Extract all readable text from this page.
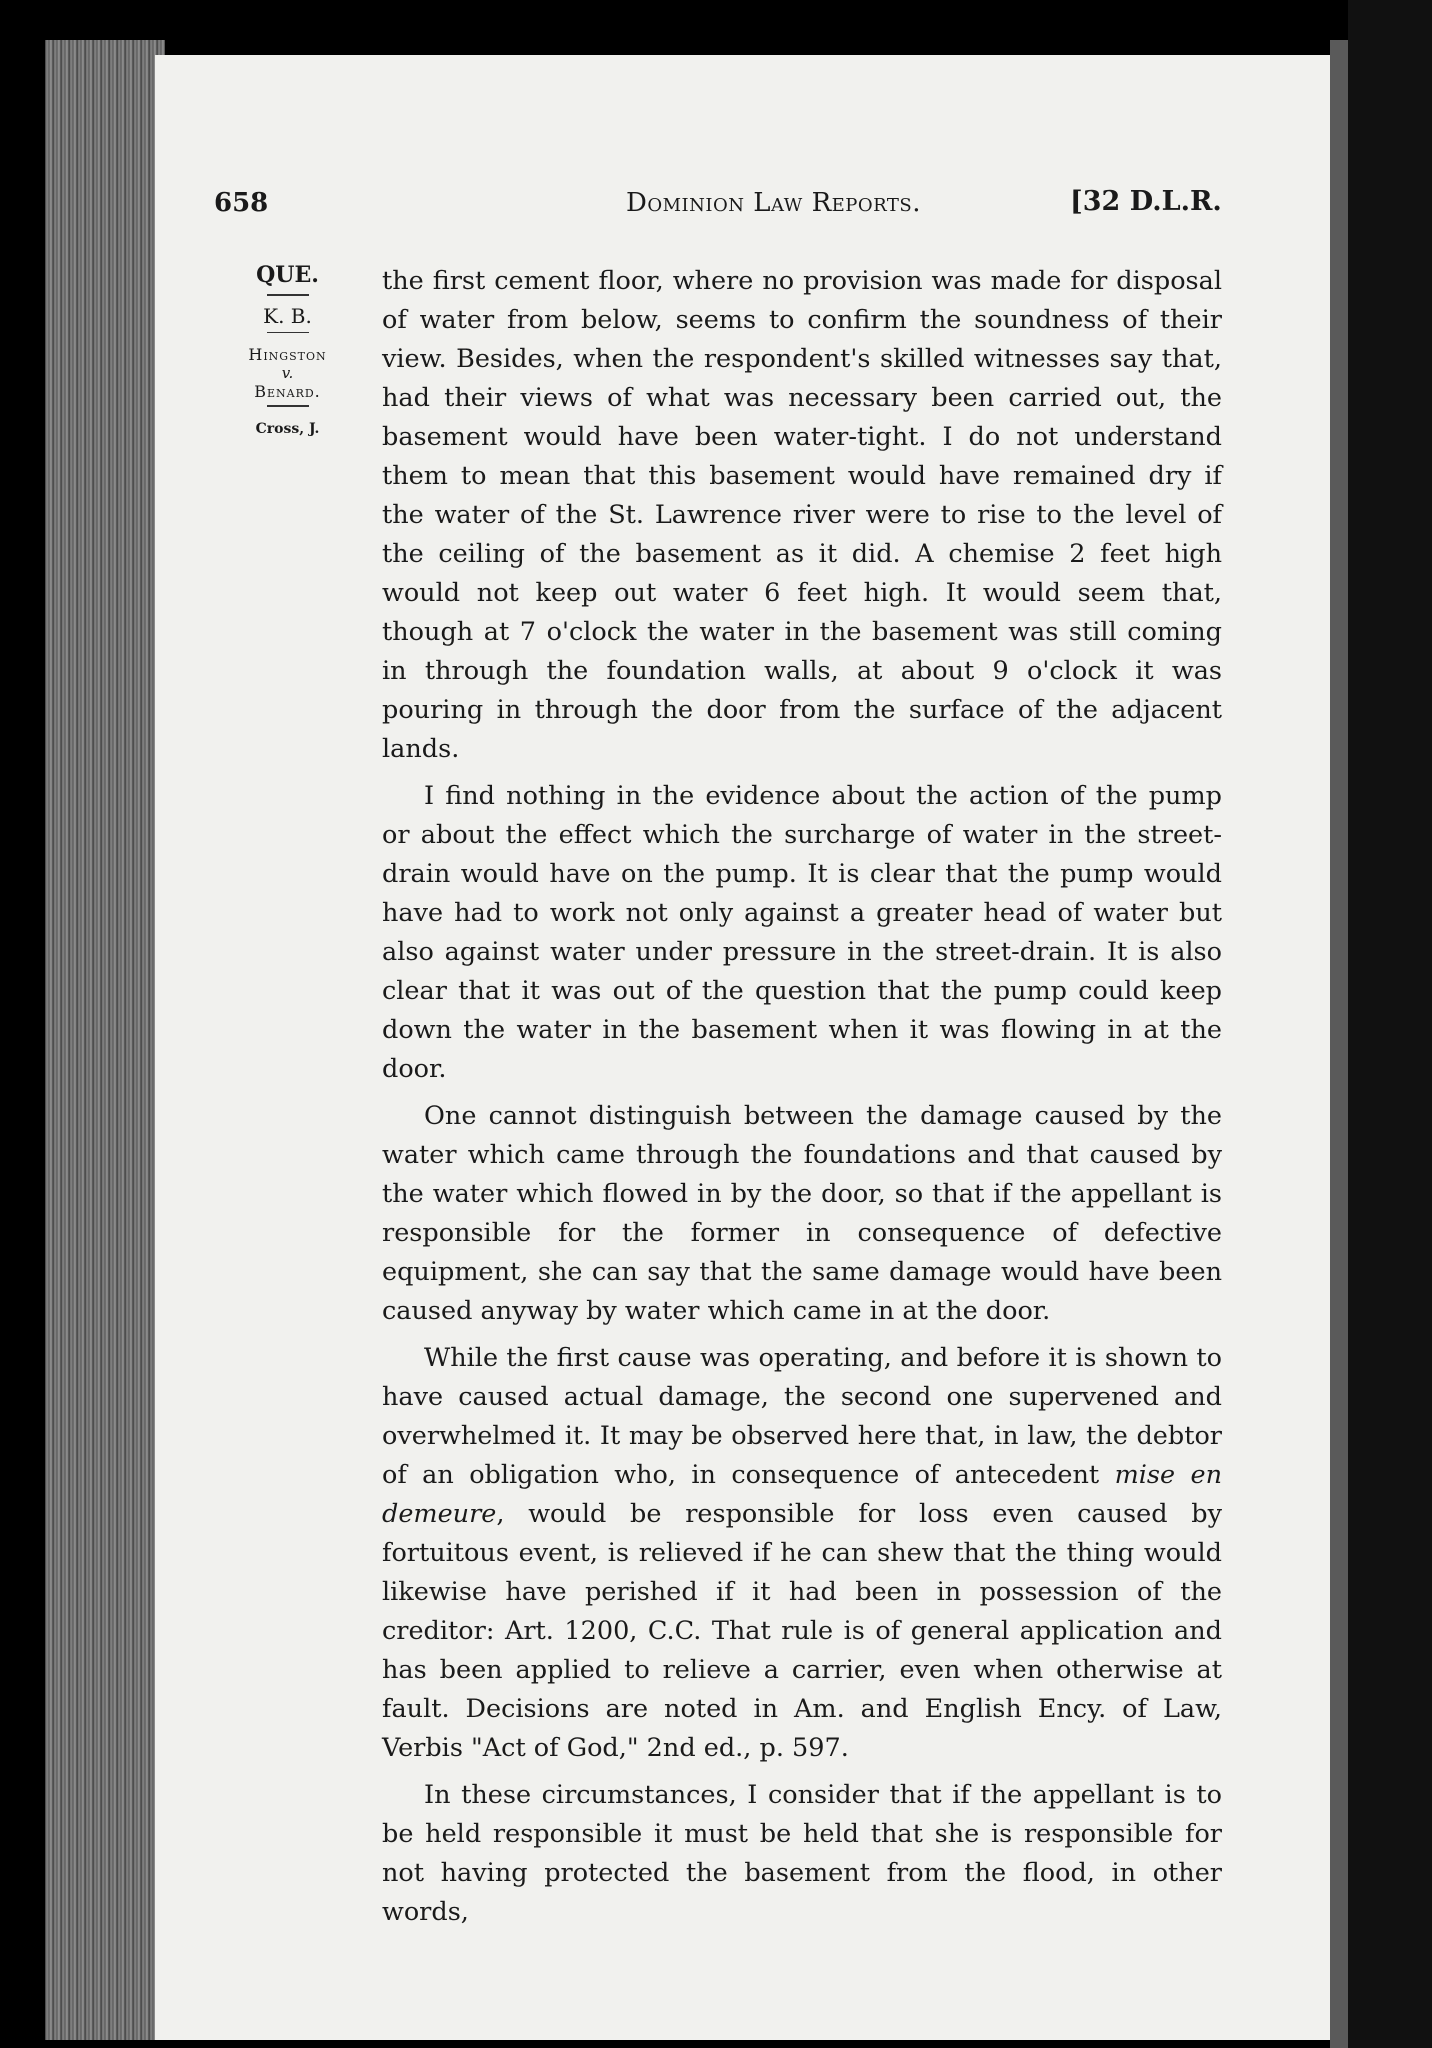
658	Dominion Law Reports.	[32 D.L.R.
QUE.
K. B.
Hingston
v.
Benard.
Cross, J.

the first cement floor, where no provision was made for disposal of water from below, seems to confirm the soundness of their view. Besides, when the respondent's skilled witnesses say that, had their views of what was necessary been carried out, the basement would have been water-tight. I do not understand them to mean that this basement would have remained dry if the water of the St. Lawrence river were to rise to the level of the ceiling of the basement as it did. A chemise 2 feet high would not keep out water 6 feet high. It would seem that, though at 7 o'clock the water in the basement was still coming in through the foundation walls, at about 9 o'clock it was pouring in through the door from the surface of the adjacent lands.

I find nothing in the evidence about the action of the pump or about the effect which the surcharge of water in the street-drain would have on the pump. It is clear that the pump would have had to work not only against a greater head of water but also against water under pressure in the street-drain. It is also clear that it was out of the question that the pump could keep down the water in the basement when it was flowing in at the door.

One cannot distinguish between the damage caused by the water which came through the foundations and that caused by the water which flowed in by the door, so that if the appellant is responsible for the former in consequence of defective equipment, she can say that the same damage would have been caused anyway by water which came in at the door.

While the first cause was operating, and before it is shown to have caused actual damage, the second one supervened and overwhelmed it. It may be observed here that, in law, the debtor of an obligation who, in consequence of antecedent mise en demeure, would be responsible for loss even caused by fortuitous event, is relieved if he can shew that the thing would likewise have perished if it had been in possession of the creditor: Art. 1200, C.C. That rule is of general application and has been applied to relieve a carrier, even when otherwise at fault. Decisions are noted in Am. and English Ency. of Law, Verbis "Act of God," 2nd ed., p. 597.

In these circumstances, I consider that if the appellant is to be held responsible it must be held that she is responsible for not having protected the basement from the flood, in other words,
